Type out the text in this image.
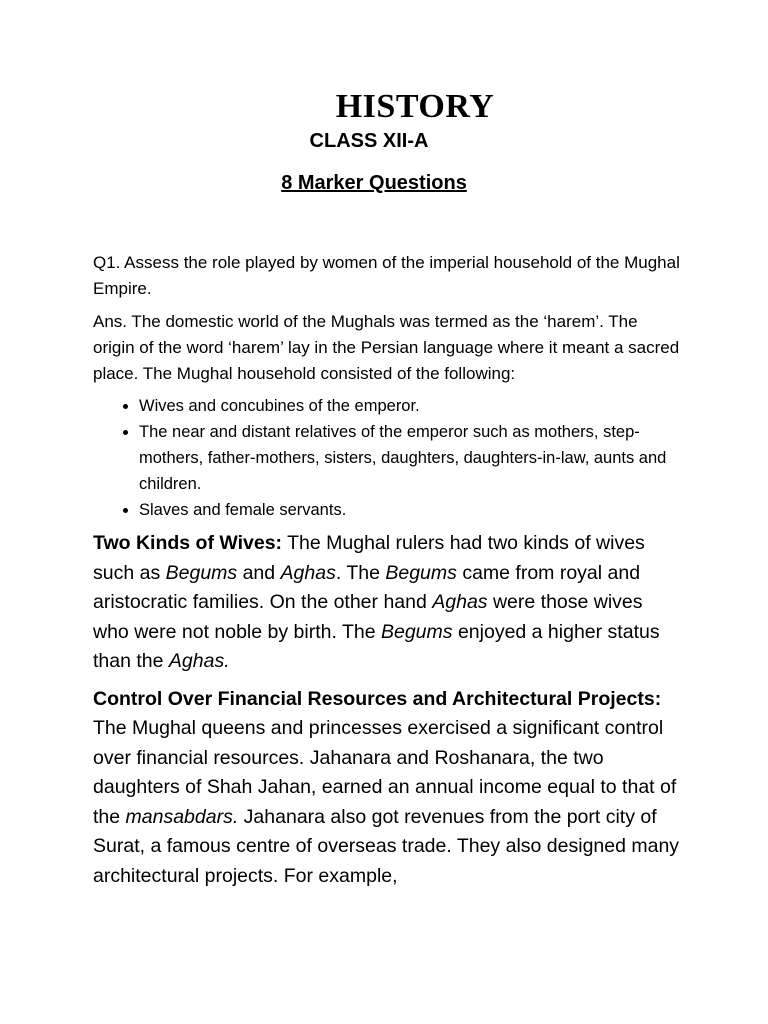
HISTORY
CLASS XII-A
8 Marker Questions

Q1. Assess the role played by women of the imperial household of the Mughal Empire.

Ans. The domestic world of the Mughals was termed as the ‘harem’. The origin of the word ‘harem’ lay in the Persian language where it meant a sacred place. The Mughal household consisted of the following:

• Wives and concubines of the emperor.
• The near and distant relatives of the emperor such as mothers, step-mothers, father-mothers, sisters, daughters, daughters-in-law, aunts and children.
• Slaves and female servants.

Two Kinds of Wives: The Mughal rulers had two kinds of wives such as Begums and Aghas. The Begums came from royal and aristocratic families. On the other hand Aghas were those wives who were not noble by birth. The Begums enjoyed a higher status than the Aghas.

Control Over Financial Resources and Architectural Projects: The Mughal queens and princesses exercised a significant control over financial resources. Jahanara and Roshanara, the two daughters of Shah Jahan, earned an annual income equal to that of the mansabdars. Jahanara also got revenues from the port city of Surat, a famous centre of overseas trade. They also designed many architectural projects. For example,
